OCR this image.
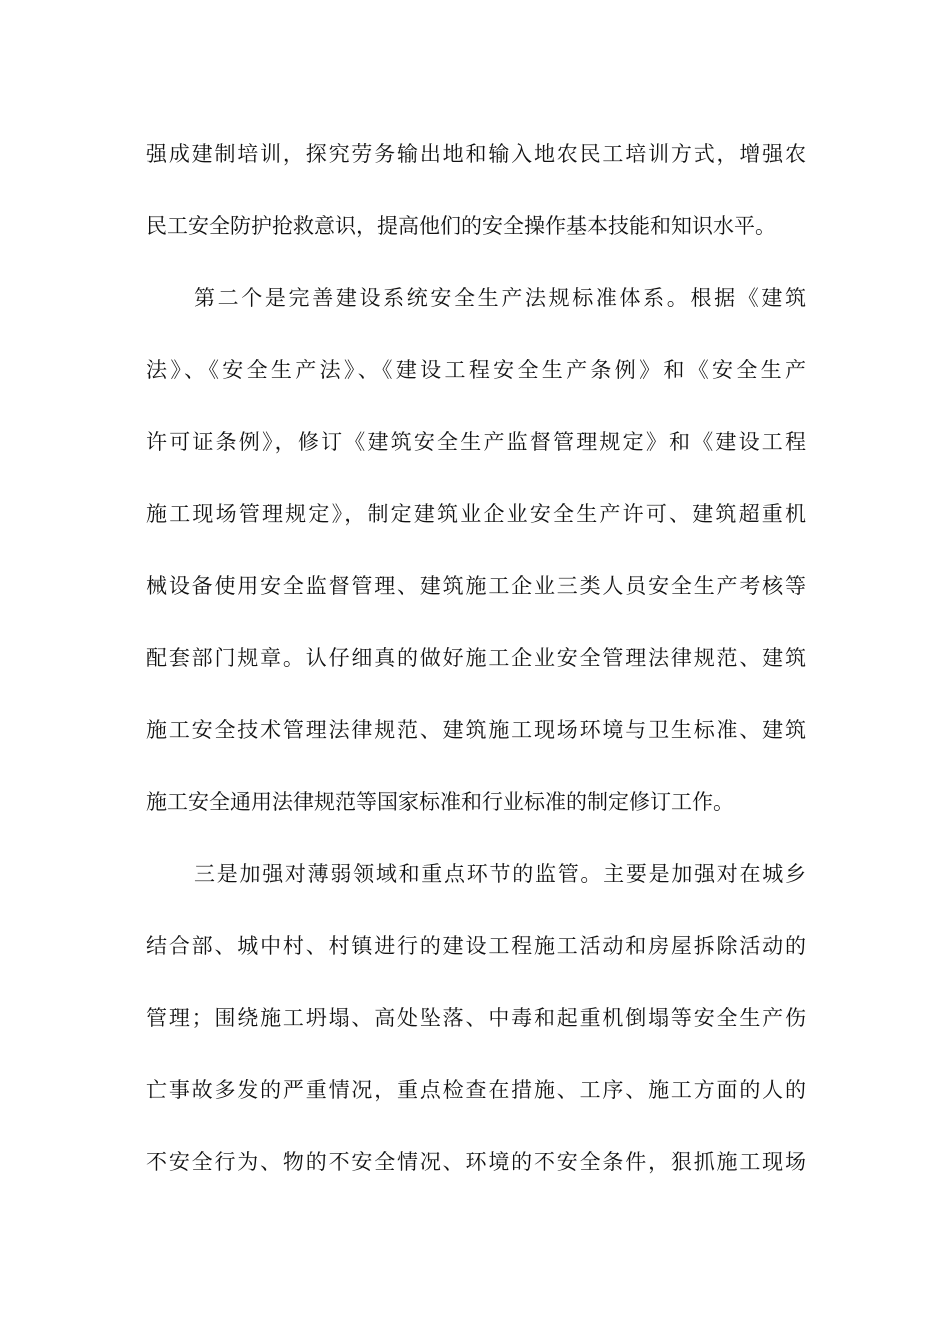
强成建制培训，探究劳务输出地和输入地农民工培训方式，增强农
民工安全防护抢救意识，提高他们的安全操作基本技能和知识水平。
第二个是完善建设系统安全生产法规标准体系。根据《建筑
法》、《安全生产法》、《建设工程安全生产条例》和《安全生产
许可证条例》，修订《建筑安全生产监督管理规定》和《建设工程
施工现场管理规定》，制定建筑业企业安全生产许可、建筑超重机
械设备使用安全监督管理、建筑施工企业三类人员安全生产考核等
配套部门规章。认仔细真的做好施工企业安全管理法律规范、建筑
施工安全技术管理法律规范、建筑施工现场环境与卫生标准、建筑
施工安全通用法律规范等国家标准和行业标准的制定修订工作。
三是加强对薄弱领域和重点环节的监管。主要是加强对在城乡
结合部、城中村、村镇进行的建设工程施工活动和房屋拆除活动的
管理；围绕施工坍塌、高处坠落、中毒和起重机倒塌等安全生产伤
亡事故多发的严重情况，重点检查在措施、工序、施工方面的人的
不安全行为、物的不安全情况、环境的不安全条件，狠抓施工现场
